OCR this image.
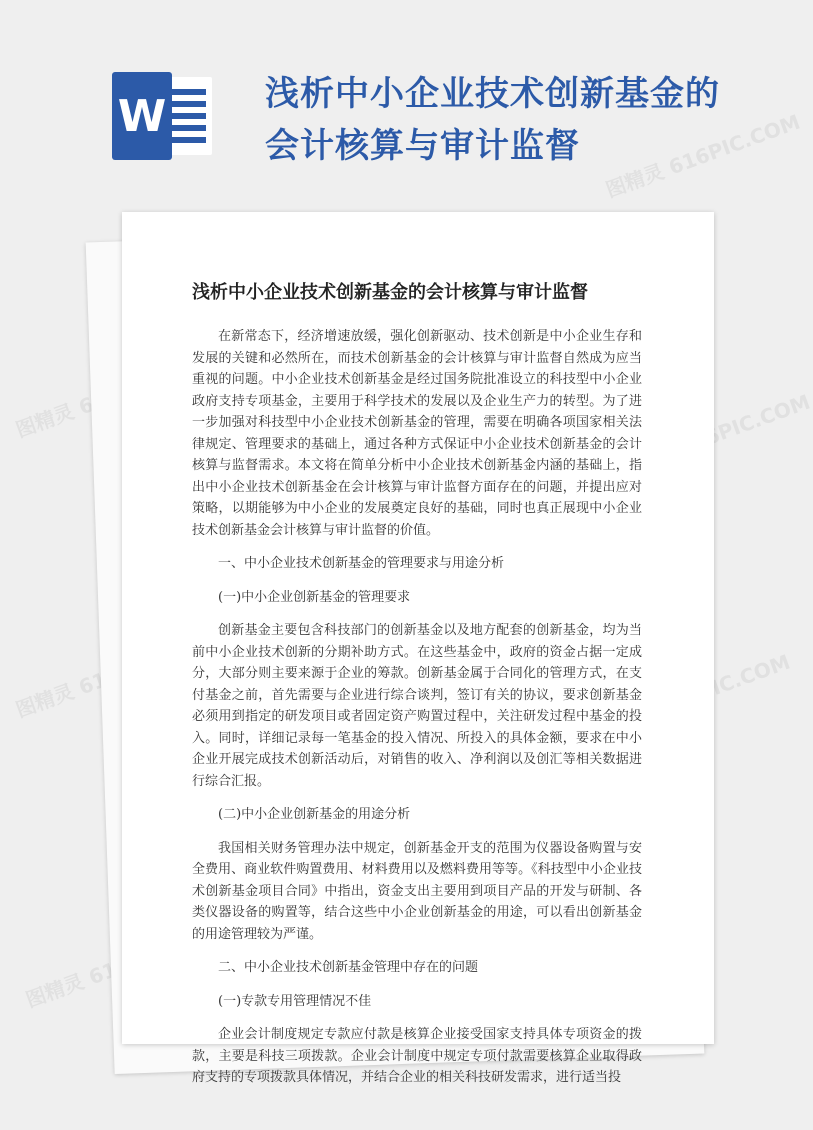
W	浅析中小企业技术创新基金的会计核算与审计监督	图精灵 616PIC.COM
616PIC.COM
616PIC.COM
图精灵
图精灵
图精灵
浅析中小企业技术创新基金的会计核算与审计监督

在新常态下，经济增速放缓，强化创新驱动、技术创新是中小企业生存和发展的关键和必然所在，而技术创新基金的会计核算与审计监督自然成为应当重视的问题。中小企业技术创新基金是经过国务院批准设立的科技型中小企业政府支持专项基金，主要用于科学技术的发展以及企业生产力的转型。为了进一步加强对科技型中小企业技术创新基金的管理，需要在明确各项国家相关法律规定、管理要求的基础上，通过各种方式保证中小企业技术创新基金的会计核算与监督需求。本文将在简单分析中小企业技术创新基金内涵的基础上，指出中小企业技术创新基金在会计核算与审计监督方面存在的问题，并提出应对策略，以期能够为中小企业的发展奠定良好的基础，同时也真正展现中小企业技术创新基金会计核算与审计监督的价值。

一、中小企业技术创新基金的管理要求与用途分析

(一)中小企业创新基金的管理要求

创新基金主要包含科技部门的创新基金以及地方配套的创新基金，均为当前中小企业技术创新的分期补助方式。在这些基金中，政府的资金占据一定成分，大部分则主要来源于企业的筹款。创新基金属于合同化的管理方式，在支付基金之前，首先需要与企业进行综合谈判，签订有关的协议，要求创新基金必须用到指定的研发项目或者固定资产购置过程中，关注研发过程中基金的投入。同时，详细记录每一笔基金的投入情况、所投入的具体金额，要求在中小企业开展完成技术创新活动后，对销售的收入、净利润以及创汇等相关数据进行综合汇报。

(二)中小企业创新基金的用途分析

我国相关财务管理办法中规定，创新基金开支的范围为仪器设备购置与安全费用、商业软件购置费用、材料费用以及燃料费用等等。《科技型中小企业技术创新基金项目合同》中指出，资金支出主要用到项目产品的开发与研制、各类仪器设备的购置等，结合这些中小企业创新基金的用途，可以看出创新基金的用途管理较为严谨。

二、中小企业技术创新基金管理中存在的问题

(一)专款专用管理情况不佳

企业会计制度规定专款应付款是核算企业接受国家支持具体专项资金的拨款，主要是科技三项拨款。企业会计制度中规定专项付款需要核算企业取得政府支持的专项拨款具体情况，并结合企业的相关科技研发需求，进行适当投
